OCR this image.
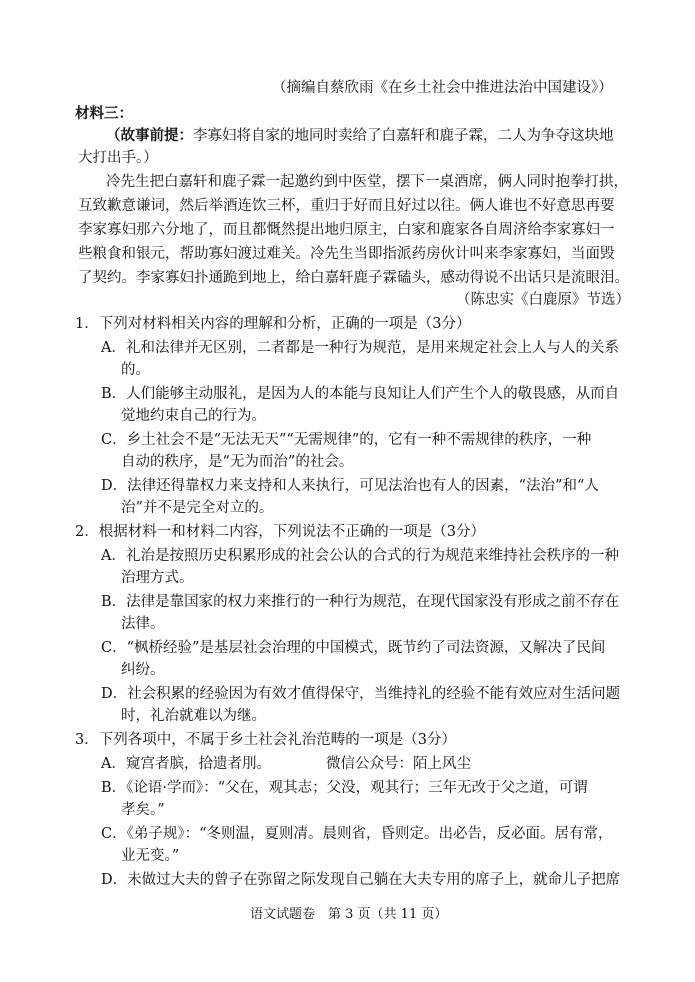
（摘编自蔡欣雨《在乡土社会中推进法治中国建设》）
材料三：
（故事前提：李寡妇将自家的地同时卖给了白嘉轩和鹿子霖，二人为争夺这块地
大打出手。）
冷先生把白嘉轩和鹿子霖一起邀约到中医堂，摆下一桌酒席，俩人同时抱拳打拱，
互致歉意谦词，然后举酒连饮三杯，重归于好而且好过以往。俩人谁也不好意思再要
李家寡妇那六分地了，而且都慨然提出地归原主，白家和鹿家各自周济给李家寡妇一
些粮食和银元，帮助寡妇渡过难关。冷先生当即指派药房伙计叫来李家寡妇，当面毁
了契约。李家寡妇扑通跪到地上，给白嘉轩鹿子霖磕头，感动得说不出话只是流眼泪。
（陈忠实《白鹿原》节选）
1．下列对材料相关内容的理解和分析，正确的一项是（3分）
A．礼和法律并无区别，二者都是一种行为规范，是用来规定社会上人与人的关系
的。
B．人们能够主动服礼，是因为人的本能与良知让人们产生个人的敬畏感，从而自
觉地约束自己的行为。
C．乡土社会不是“无法无天”“无需规律”的，它有一种不需规律的秩序，一种
自动的秩序，是“无为而治”的社会。
D．法律还得靠权力来支持和人来执行，可见法治也有人的因素，“法治”和“人
治”并不是完全对立的。
2．根据材料一和材料二内容，下列说法不正确的一项是（3分）
A．礼治是按照历史积累形成的社会公认的合式的行为规范来维持社会秩序的一种
治理方式。
B．法律是靠国家的权力来推行的一种行为规范，在现代国家没有形成之前不存在
法律。
C．“枫桥经验”是基层社会治理的中国模式，既节约了司法资源，又解决了民间
纠纷。
D．社会积累的经验因为有效才值得保守，当维持礼的经验不能有效应对生活问题
时，礼治就难以为继。
3．下列各项中，不属于乡土社会礼治范畴的一项是（3分）
A．窥宫者膑，拾遗者刖。	微信公众号：陌上风尘
B．《论语·学而》：“父在，观其志；父没，观其行；三年无改于父之道，可谓
孝矣。”
C．《弟子规》：“冬则温，夏则凊。晨则省，昏则定。出必告，反必面。居有常，
业无变。”
D．未做过大夫的曾子在弥留之际发现自己躺在大夫专用的席子上，就命儿子把席
语文试题卷　第 3 页（共 11 页）
